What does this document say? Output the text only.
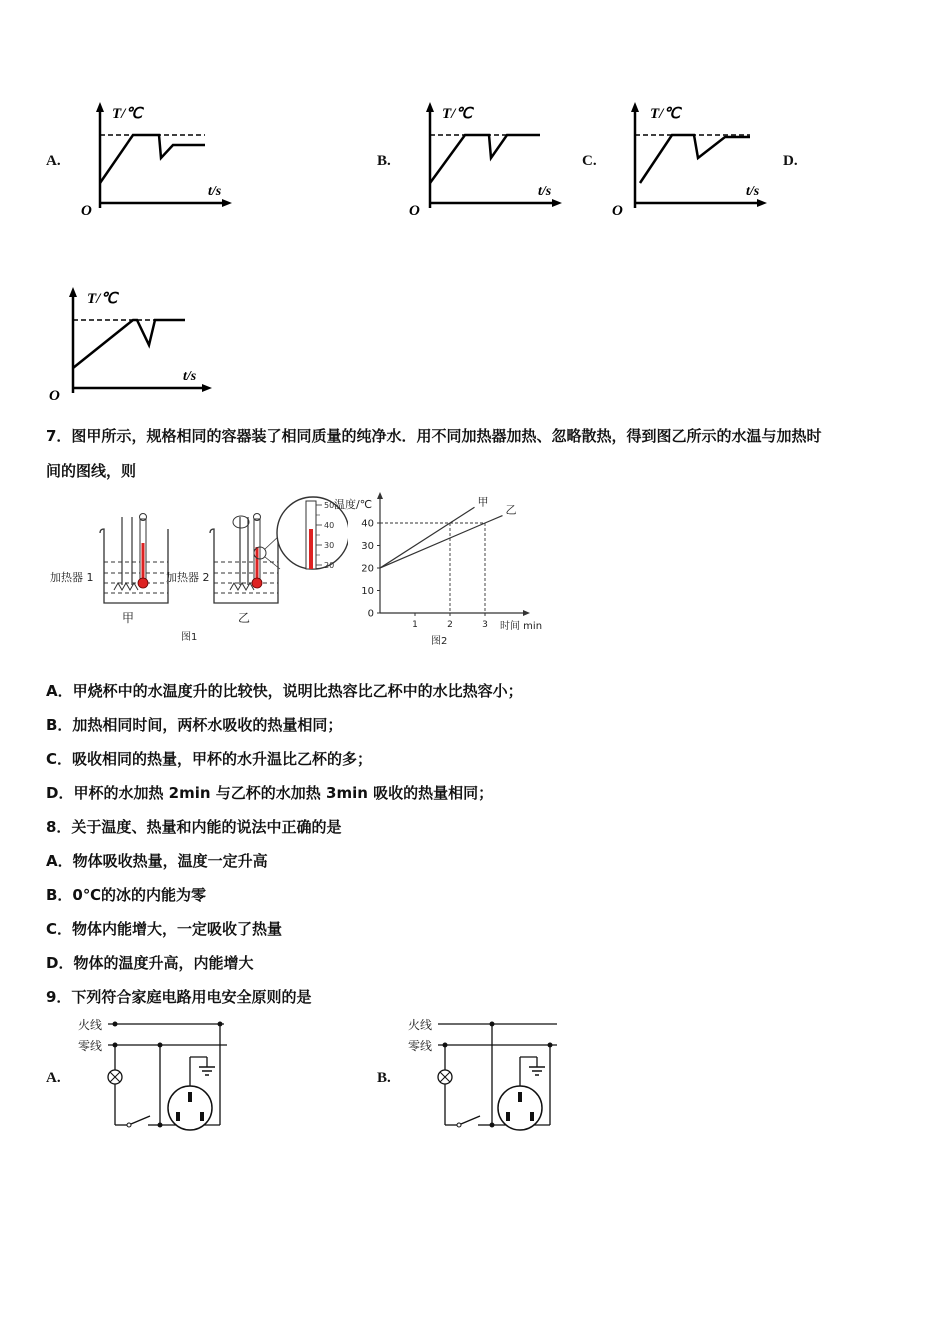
A.	B.	C.	D.
T/℃
t/s
O
T/℃
t/s
O
T/℃
t/s
O
T/℃
t/s
O
7．图甲所示，规格相同的容器装了相同质量的纯净水．用不同加热器加热、忽略散热，得到图乙所示的水温与加热时
间的图线，则
加热器 1
甲
加热器 2
乙
50
40
30
20
图1
温度/℃
时间 min
图2
0
10
20
30
40
1	2	3
甲
乙
A．甲烧杯中的水温度升的比较快，说明比热容比乙杯中的水比热容小；
B．加热相同时间，两杯水吸收的热量相同；
C．吸收相同的热量，甲杯的水升温比乙杯的多；
D．甲杯的水加热 2min 与乙杯的水加热 3min 吸收的热量相同；
8．关于温度、热量和内能的说法中正确的是
A．物体吸收热量，温度一定升高
B．0℃的冰的内能为零
C．物体内能增大，一定吸收了热量
D．物体的温度升高，内能增大
9．下列符合家庭电路用电安全原则的是
A.	B.
火线
零线
火线
零线
